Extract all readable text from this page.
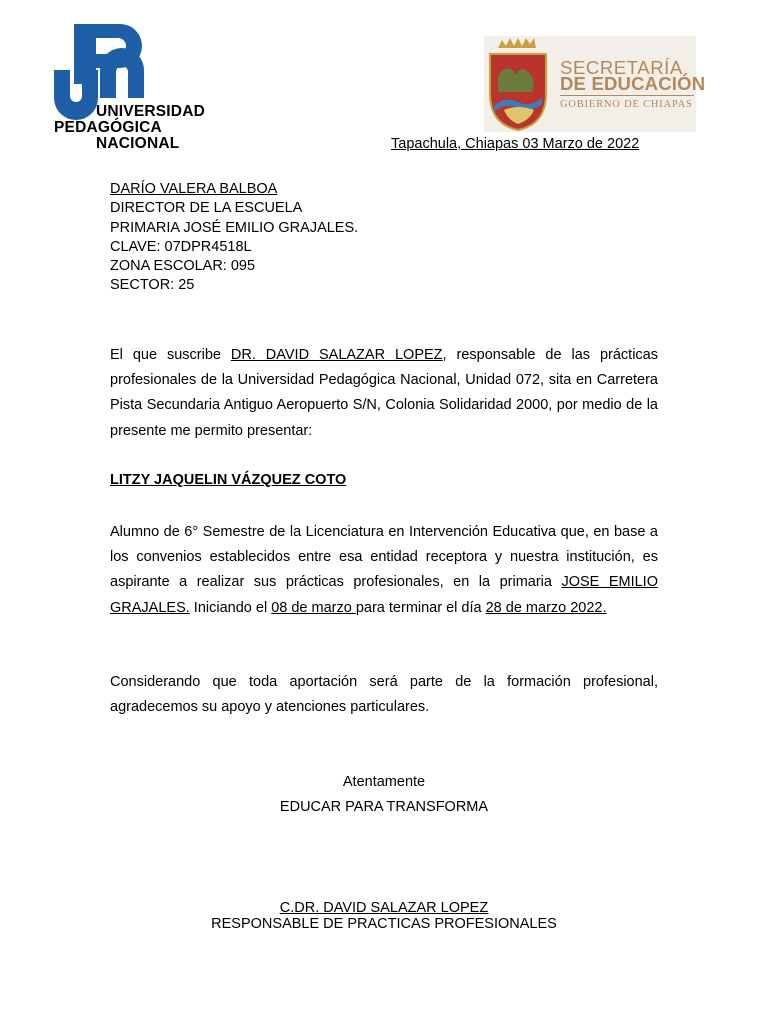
UNIVERSIDAD
PEDAGÓGICA
NACIONAL
SECRETARÍA
DE EDUCACIÓN
GOBIERNO DE CHIAPAS
Tapachula, Chiapas 03 Marzo de 2022
DARÍO VALERA BALBOA
DIRECTOR DE LA ESCUELA
PRIMARIA JOSÉ EMILIO GRAJALES.
CLAVE: 07DPR4518L
ZONA ESCOLAR: 095
SECTOR: 25
El que suscribe DR. DAVID SALAZAR LOPEZ, responsable de las prácticas profesionales de la Universidad Pedagógica Nacional, Unidad 072, sita en Carretera Pista Secundaria Antiguo Aeropuerto S/N, Colonia Solidaridad 2000, por medio de la presente me permito presentar:
LITZY JAQUELIN VÁZQUEZ COTO
Alumno de 6° Semestre de la Licenciatura en Intervención Educativa que, en base a los convenios establecidos entre esa entidad receptora y nuestra institución, es aspirante a realizar sus prácticas profesionales, en la primaria JOSE EMILIO GRAJALES. Iniciando el 08 de marzo para terminar el día 28 de marzo 2022.
Considerando que toda aportación será parte de la formación profesional, agradecemos su apoyo y atenciones particulares.
Atentamente
EDUCAR PARA TRANSFORMA
C.DR. DAVID SALAZAR LOPEZ
RESPONSABLE DE PRACTICAS PROFESIONALES
